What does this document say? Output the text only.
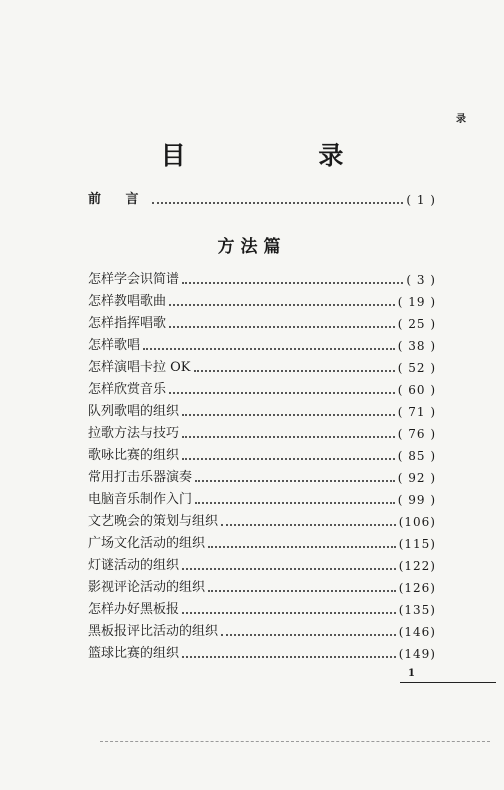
录
目 录
前 言	( 1 )
方法篇
怎样学会识简谱	( 3 )
怎样教唱歌曲	( 19 )
怎样指挥唱歌	( 25 )
怎样歌唱	( 38 )
怎样演唱卡拉 OK	( 52 )
怎样欣赏音乐	( 60 )
队列歌唱的组织	( 71 )
拉歌方法与技巧	( 76 )
歌咏比赛的组织	( 85 )
常用打击乐器演奏	( 92 )
电脑音乐制作入门	( 99 )
文艺晚会的策划与组织	(106)
广场文化活动的组织	(115)
灯谜活动的组织	(122)
影视评论活动的组织	(126)
怎样办好黑板报	(135)
黑板报评比活动的组织	(146)
篮球比赛的组织	(149)
1
